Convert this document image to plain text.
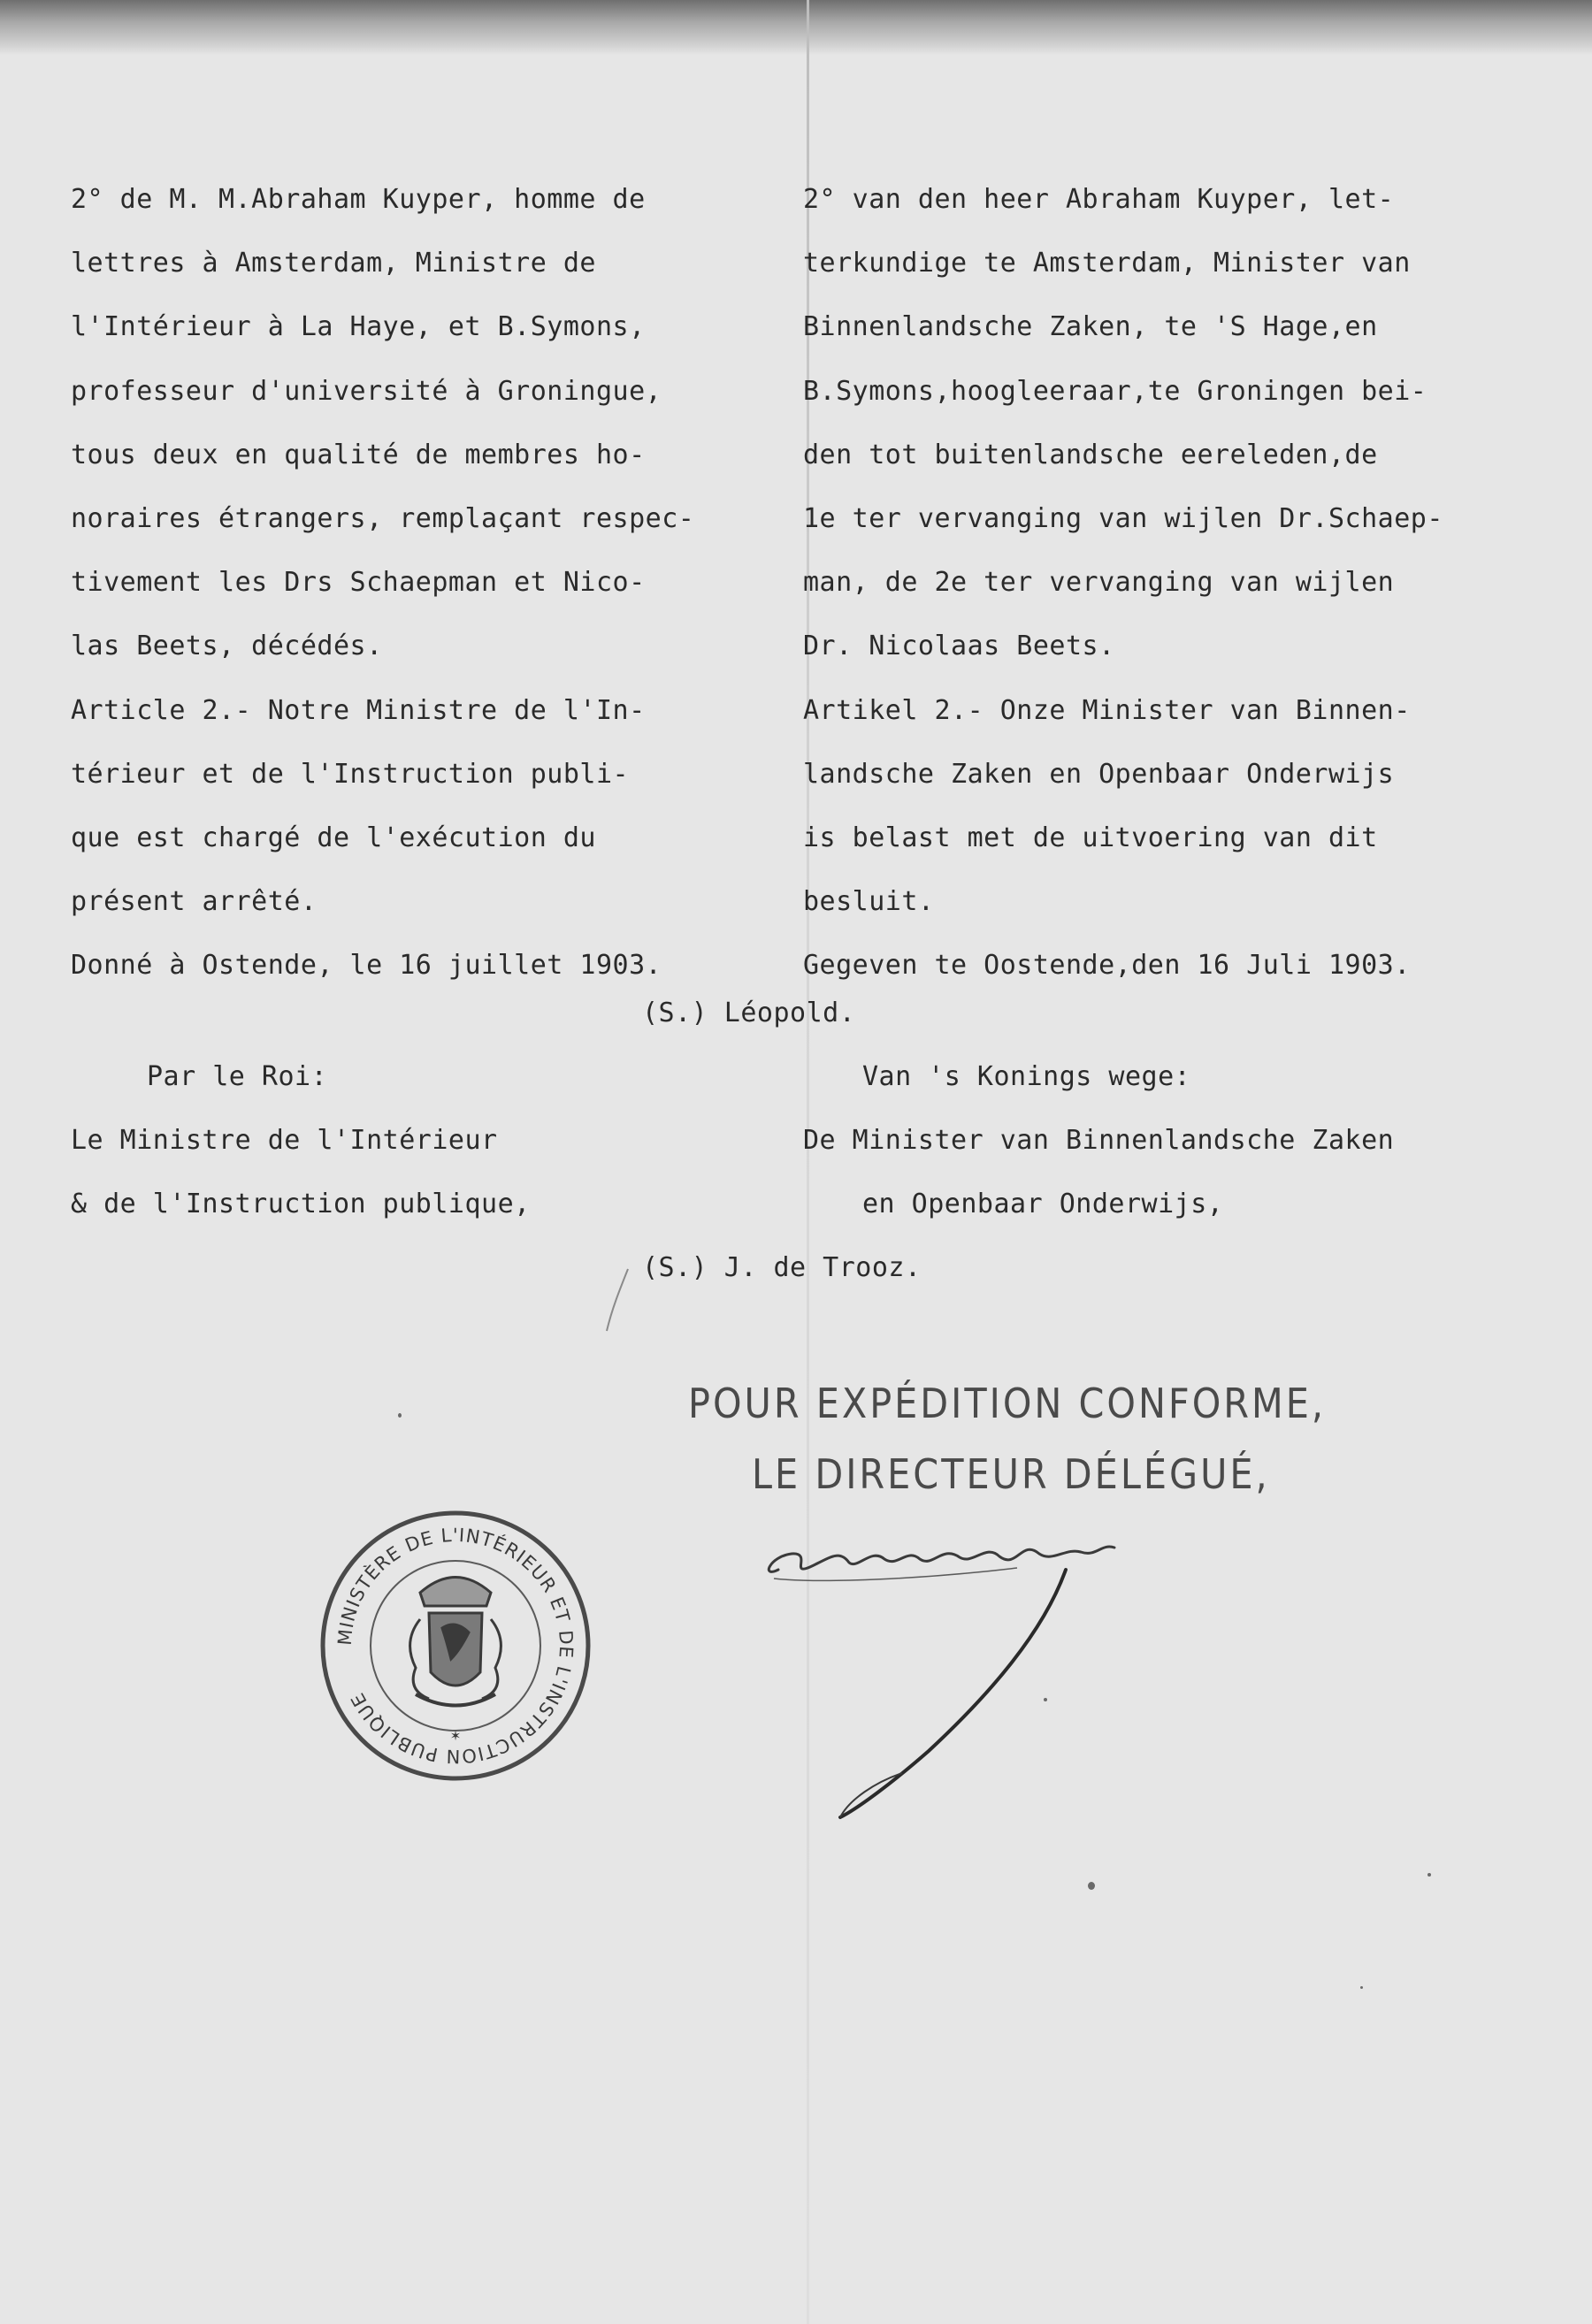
2° de M. M.Abraham Kuyper, homme de
lettres à Amsterdam, Ministre de
l'Intérieur à La Haye, et B.Symons,
professeur d'université à Groningue,
tous deux en qualité de membres ho-
noraires étrangers, remplaçant respec-
tivement les Drs Schaepman et Nico-
las Beets, décédés.
Article 2.- Notre Ministre de l'In-
térieur et de l'Instruction publi-
que est chargé de l'exécution du
présent arrêté.
Donné à Ostende, le 16 juillet 1903.
2° van den heer Abraham Kuyper, let-
terkundige te Amsterdam, Minister van
Binnenlandsche Zaken, te 'S Hage,en
B.Symons,hoogleeraar,te Groningen bei-
den tot buitenlandsche eereleden,de
1e ter vervanging van wijlen Dr.Schaep-
man, de 2e ter vervanging van wijlen
Dr. Nicolaas Beets.
Artikel 2.- Onze Minister van Binnen-
landsche Zaken en Openbaar Onderwijs
is belast met de uitvoering van dit
besluit.
Gegeven te Oostende,den 16 Juli 1903.
(S.) Léopold.
Par le Roi:
Le Ministre de l'Intérieur
& de l'Instruction publique,
Van 's Konings wege:
De Minister van Binnenlandsche Zaken
en Openbaar Onderwijs,
(S.) J. de Trooz.
POUR EXPÉDITION CONFORME,
LE DIRECTEUR DÉLÉGUÉ,
MINISTÈRE DE L'INTÉRIEUR ET DE L'INSTRUCTION PUBLIQUE
✶
